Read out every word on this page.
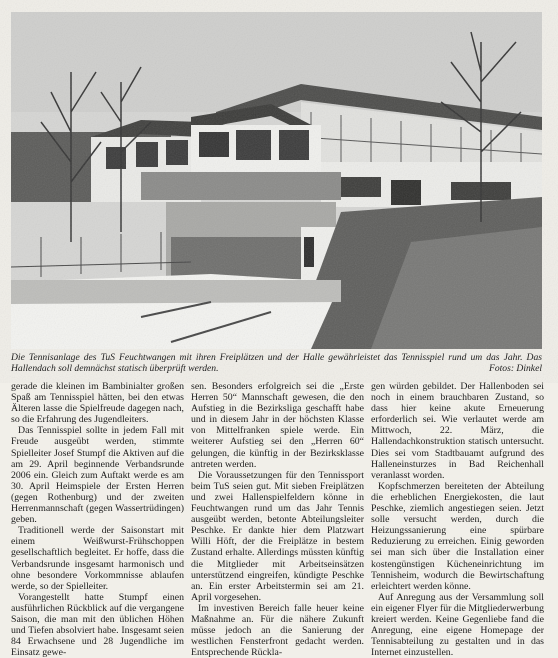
Die Tennisanlage des TuS Feuchtwangen mit ihren Freiplätzen und der Halle gewährleistet das Tennisspiel rund um das Jahr. Das Hallendach soll demnächst statisch überprüft werden.	Fotos: Dinkel

gerade die kleinen im Bambinialter großen Spaß am Tennisspiel hätten, bei den etwas Älteren lasse die Spielfreude dagegen nach, so die Erfahrung des Jugendleiters.

Das Tennisspiel sollte in jedem Fall mit Freude ausgeübt werden, stimmte Spielleiter Josef Stumpf die Aktiven auf die am 29. April beginnende Verbandsrunde 2006 ein. Gleich zum Auftakt werde es am 30. April Heimspiele der Ersten Herren (gegen Rothenburg) und der zweiten Herrenmannschaft (gegen Wassertrüdingen) geben.

Traditionell werde der Saisonstart mit einem Weißwurst-Frühschoppen gesellschaftlich begleitet. Er hoffe, dass die Verbandsrunde insgesamt harmonisch und ohne besondere Vorkommnisse ablaufen werde, so der Spielleiter.

Vorangestellt hatte Stumpf einen ausführlichen Rückblick auf die vergangene Saison, die man mit den üblichen Höhen und Tiefen absolviert habe. Insgesamt seien 84 Erwachsene und 28 Jugendliche im Einsatz gewe-

sen. Besonders erfolgreich sei die „Erste Herren 50“ Mannschaft gewesen, die den Aufstieg in die Bezirksliga geschafft habe und in diesem Jahr in der höchsten Klasse von Mittelfranken spiele werde. Ein weiterer Aufstieg sei den „Herren 60“ gelungen, die künftig in der Bezirksklasse antreten werden.

Die Voraussetzungen für den Tennissport beim TuS seien gut. Mit sieben Freiplätzen und zwei Hallenspielfeldern könne in Feuchtwangen rund um das Jahr Tennis ausgeübt werden, betonte Abteilungsleiter Peschke. Er dankte hier dem Platzwart Willi Höft, der die Freiplätze in bestem Zustand erhalte. Allerdings müssten künftig die Mitglieder mit Arbeitseinsätzen unterstützend eingreifen, kündigte Peschke an. Ein erster Arbeitstermin sei am 21. April vorgesehen.

Im investiven Bereich falle heuer keine Maßnahme an. Für die nähere Zukunft müsse jedoch an die Sanierung der westlichen Fensterfront gedacht werden. Entsprechende Rückla-

gen würden gebildet. Der Hallenboden sei noch in einem brauchbaren Zustand, so dass hier keine akute Erneuerung erforderlich sei. Wie verlautet werde am Mittwoch, 22. März, die Hallendachkonstruktion statisch untersucht. Dies sei vom Stadtbauamt aufgrund des Halleneinsturzes in Bad Reichenhall veranlasst worden.

Kopfschmerzen bereiteten der Abteilung die erheblichen Energiekosten, die laut Peschke, ziemlich angestiegen seien. Jetzt solle versucht werden, durch die Heizungssanierung eine spürbare Reduzierung zu erreichen. Einig geworden sei man sich über die Installation einer kostengünstigen Kücheneinrichtung im Tennisheim, wodurch die Bewirtschaftung erleichtert werden könne.

Auf Anregung aus der Versammlung soll ein eigener Flyer für die Mitgliederwerbung kreiert werden. Keine Gegenliebe fand die Anregung, eine eigene Homepage der Tennisabteilung zu gestalten und in das Internet einzustellen.
